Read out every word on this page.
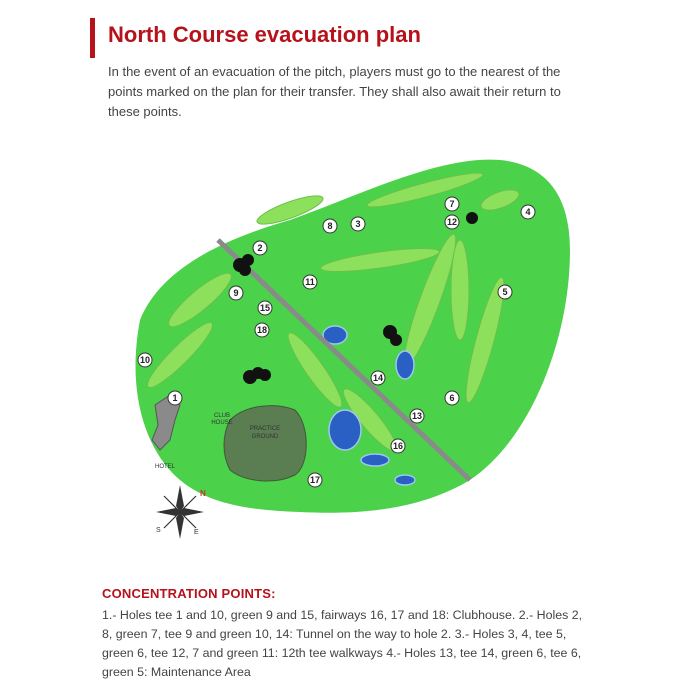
North Course evacuation plan
In the event of an evacuation of the pitch, players must go to the nearest of the points marked on the plan for their transfer. They shall also await their return to these points.
PRACTICE
GROUND
CLUB
HOUSE
HOTEL
1
2
3
4
5
6
7
8
9
10
11
12
13
14
15
16
17
18
N
S	E
CONCENTRATION POINTS:
1.- Holes tee 1 and 10, green 9 and 15, fairways 16, 17 and 18: Clubhouse. 2.- Holes 2, 8, green 7, tee 9 and green 10, 14: Tunnel on the way to hole 2. 3.- Holes 3, 4, tee 5, green 6, tee 12, 7 and green 11: 12th tee walkways 4.- Holes 13, tee 14, green 6, tee 6, green 5: Maintenance Area
